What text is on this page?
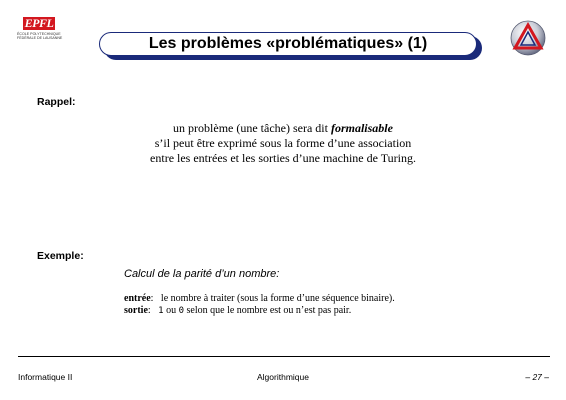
EPFL
ÉCOLE POLYTECHNIQUE
FÉDÉRALE DE LAUSANNE	Les problèmes «problématiques» (1)
Rappel:
un problème (une tâche) sera dit formalisable
s’il peut être exprimé sous la forme d’une association
entre les entrées et les sorties d’une machine de Turing.
Exemple:
Calcul de la parité d’un nombre:
entrée:   le nombre à traiter (sous la forme d’une séquence binaire).
sortie:   1 ou 0 selon que le nombre est ou n’est pas pair.
Informatique II	Algorithmique	– 27 –
